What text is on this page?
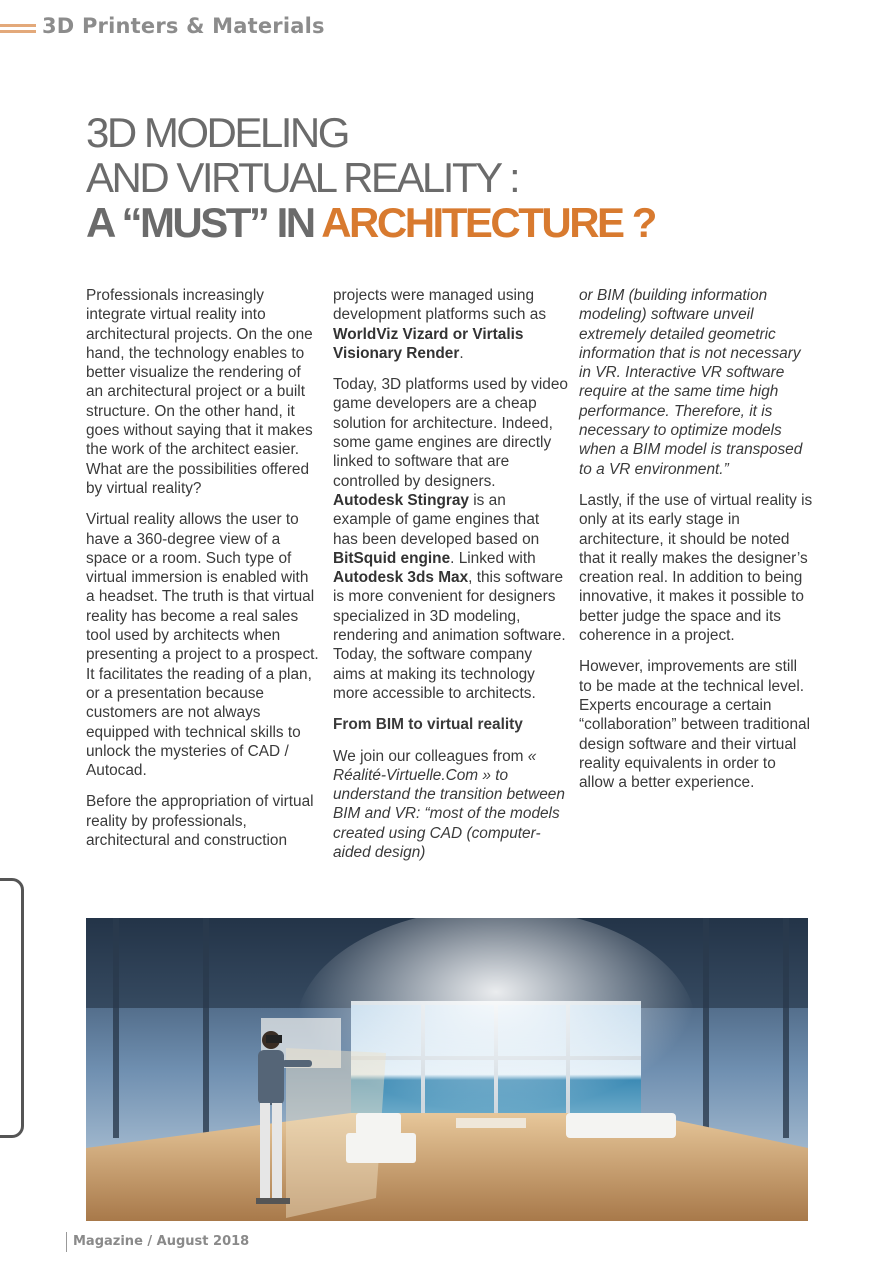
3D Printers & Materials
3D MODELING
AND VIRTUAL REALITY :
A “MUST” IN ARCHITECTURE ?

Professionals increasingly integrate virtual reality into architectural projects. On the one hand, the technology enables to better visualize the rendering of an architectural project or a built structure. On the other hand, it goes without saying that it makes the work of the architect easier. What are the possibilities offered by virtual reality?

Virtual reality allows the user to have a 360-degree view of a space or a room. Such type of virtual immersion is enabled with a headset. The truth is that virtual reality has become a real sales tool used by architects when presenting a project to a prospect. It facilitates the reading of a plan, or a presentation because customers are not always equipped with technical skills to unlock the mysteries of CAD / Autocad.

Before the appropriation of virtual reality by professionals, architectural and construction

projects were managed using development platforms such as WorldViz Vizard or Virtalis Visionary Render.

Today, 3D platforms used by video game developers are a cheap solution for architecture. Indeed, some game engines are directly linked to software that are controlled by designers. Autodesk Stingray is an example of game engines that has been developed based on BitSquid engine. Linked with Autodesk 3ds Max, this software is more convenient for designers specialized in 3D modeling, rendering and animation software. Today, the software company aims at making its technology more accessible to architects.

From BIM to virtual reality

We join our colleagues from « Réalité-Virtuelle.Com » to understand the transition between BIM and VR: “most of the models created using CAD (computer-aided design)

or BIM (building information modeling) software unveil extremely detailed geometric information that is not necessary in VR. Interactive VR software require at the same time high performance. Therefore, it is necessary to optimize models when a BIM model is transposed to a VR environment.”

Lastly, if the use of virtual reality is only at its early stage in architecture, it should be noted that it really makes the designer’s creation real. In addition to being innovative, it makes it possible to better judge the space and its coherence in a project.

However, improvements are still to be made at the technical level. Experts encourage a certain “collaboration” between traditional design software and their virtual reality equivalents in order to allow a better experience.

Magazine / August 2018
